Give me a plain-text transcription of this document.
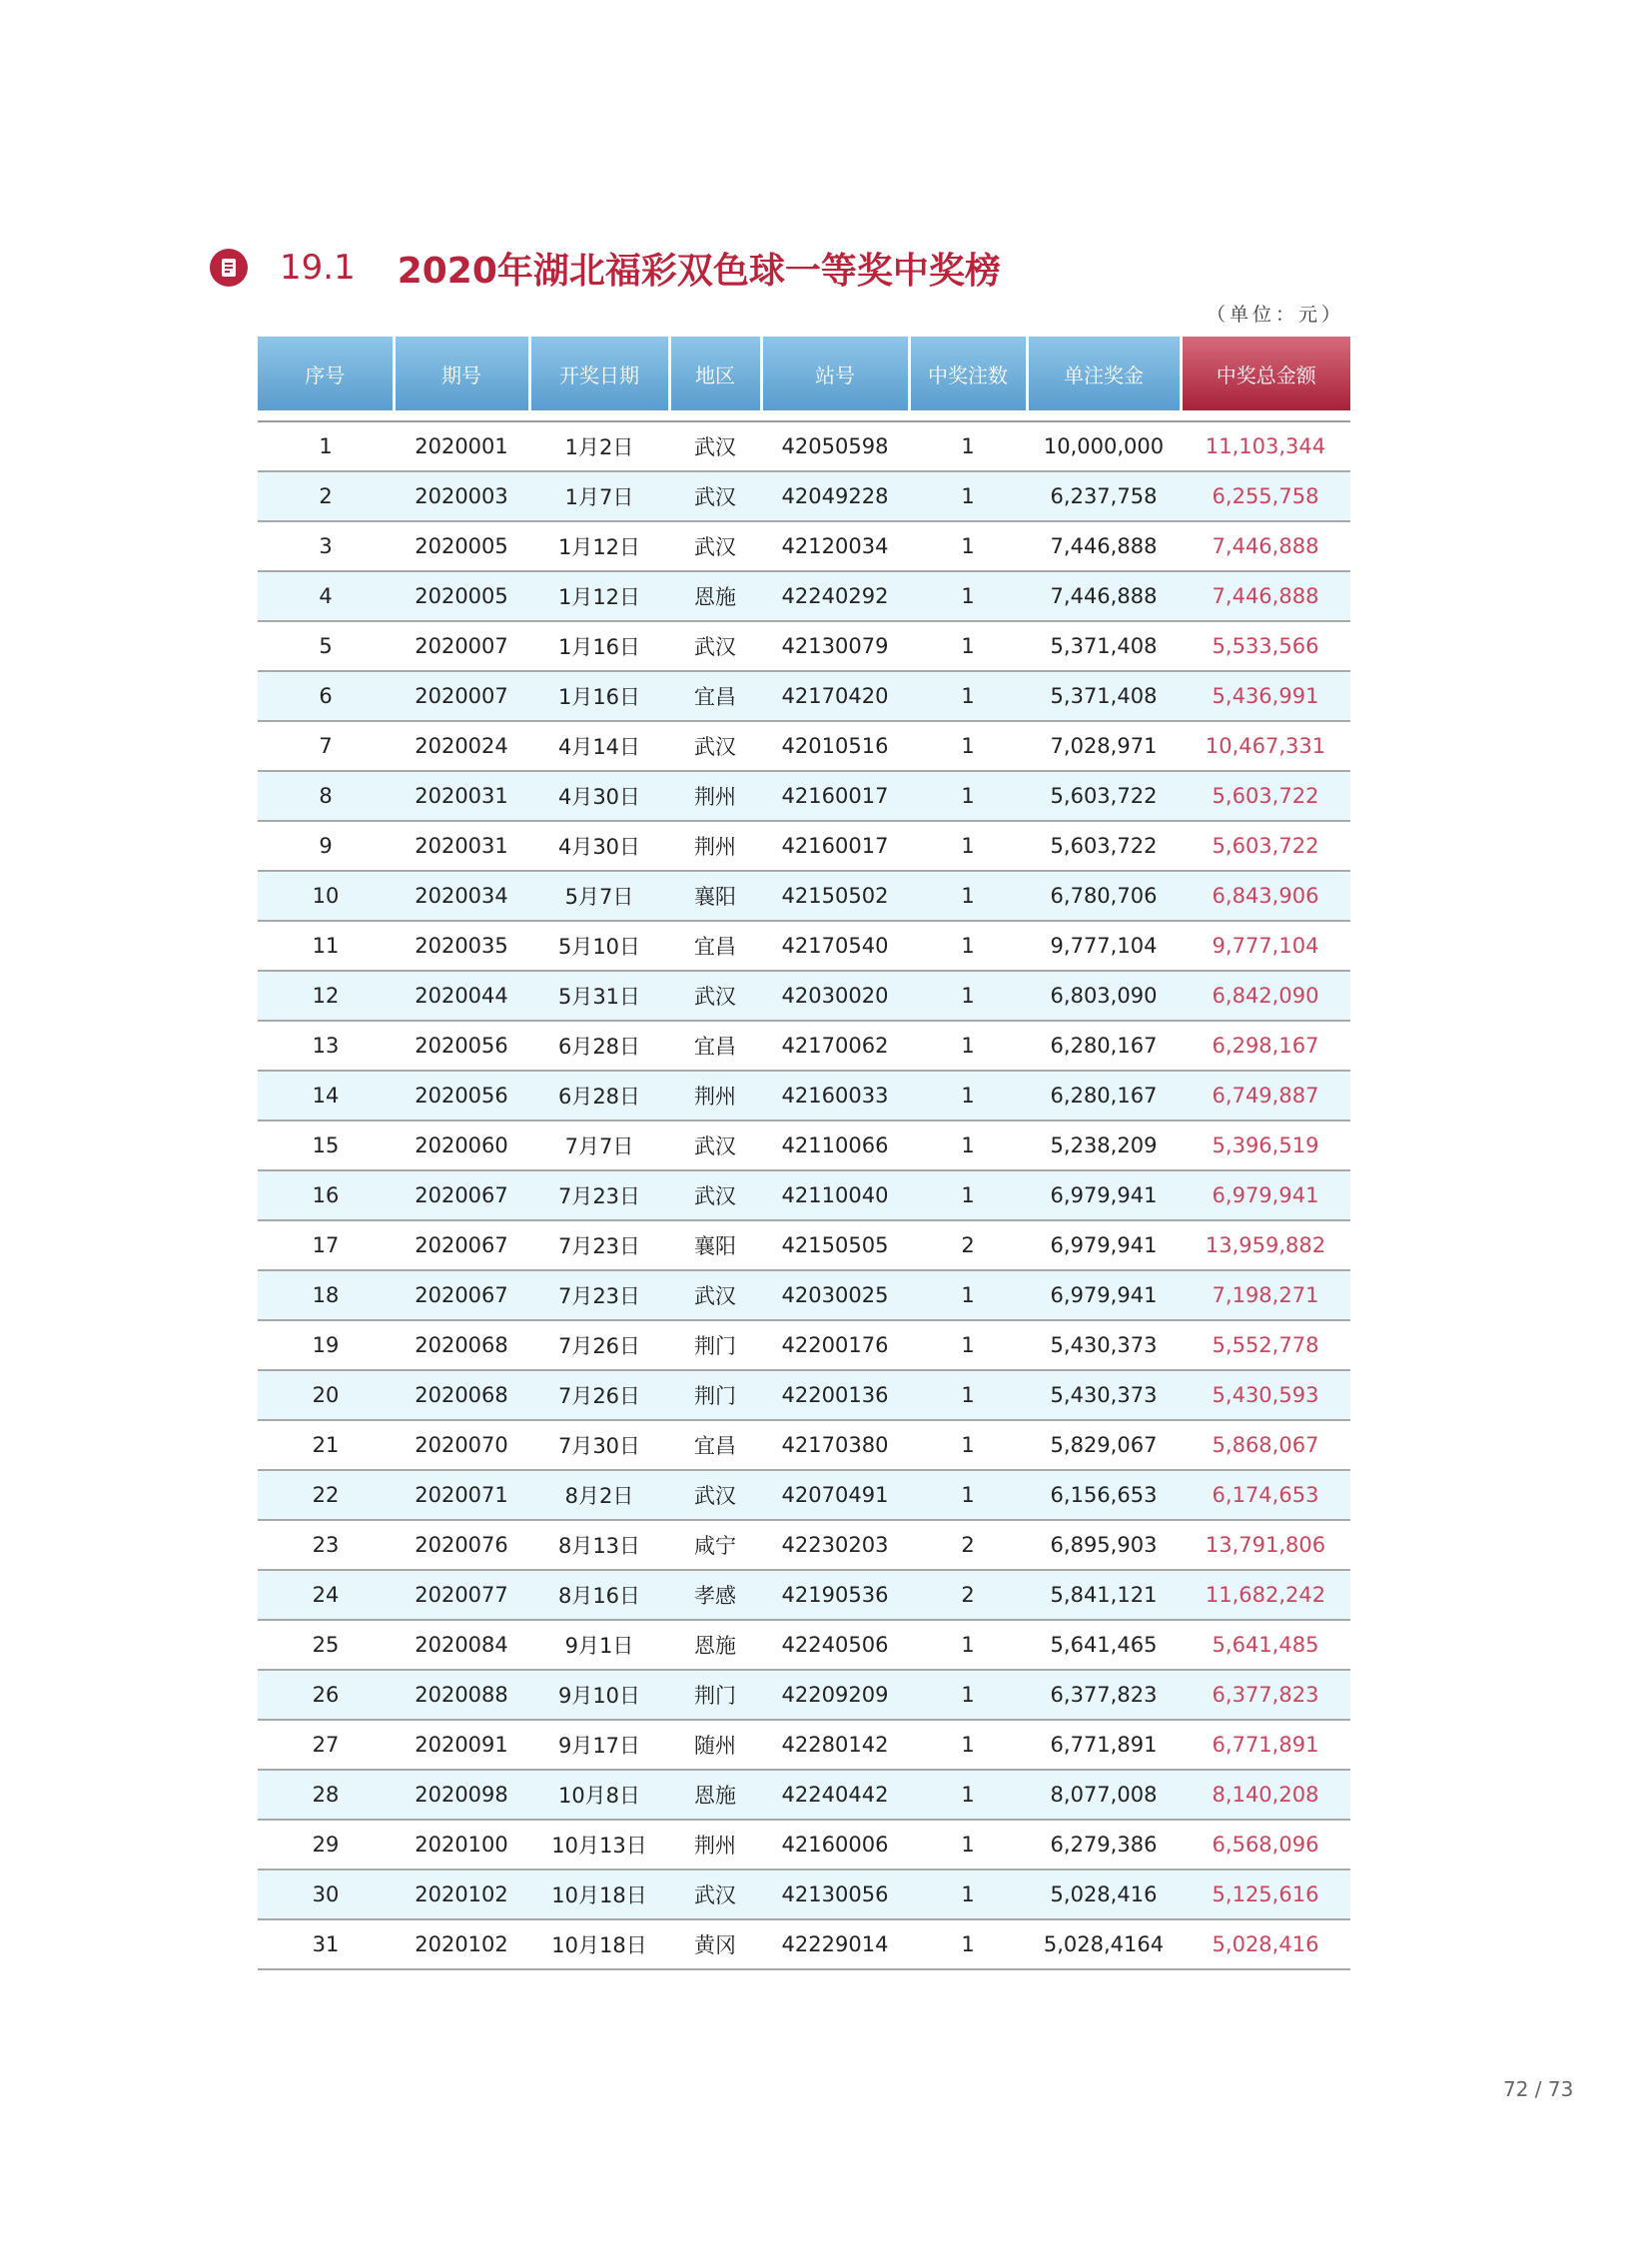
19.1 2020年湖北福彩双色球一等奖中奖榜
（单位：元）
序号	期号	开奖日期	地区	站号	中奖注数	单注奖金	中奖总金额

1	2020001	1月2日	武汉	42050598	1	10,000,000	11,103,344
2	2020003	1月7日	武汉	42049228	1	6,237,758	6,255,758
3	2020005	1月12日	武汉	42120034	1	7,446,888	7,446,888
4	2020005	1月12日	恩施	42240292	1	7,446,888	7,446,888
5	2020007	1月16日	武汉	42130079	1	5,371,408	5,533,566
6	2020007	1月16日	宜昌	42170420	1	5,371,408	5,436,991
7	2020024	4月14日	武汉	42010516	1	7,028,971	10,467,331
8	2020031	4月30日	荆州	42160017	1	5,603,722	5,603,722
9	2020031	4月30日	荆州	42160017	1	5,603,722	5,603,722
10	2020034	5月7日	襄阳	42150502	1	6,780,706	6,843,906
11	2020035	5月10日	宜昌	42170540	1	9,777,104	9,777,104
12	2020044	5月31日	武汉	42030020	1	6,803,090	6,842,090
13	2020056	6月28日	宜昌	42170062	1	6,280,167	6,298,167
14	2020056	6月28日	荆州	42160033	1	6,280,167	6,749,887
15	2020060	7月7日	武汉	42110066	1	5,238,209	5,396,519
16	2020067	7月23日	武汉	42110040	1	6,979,941	6,979,941
17	2020067	7月23日	襄阳	42150505	2	6,979,941	13,959,882
18	2020067	7月23日	武汉	42030025	1	6,979,941	7,198,271
19	2020068	7月26日	荆门	42200176	1	5,430,373	5,552,778
20	2020068	7月26日	荆门	42200136	1	5,430,373	5,430,593
21	2020070	7月30日	宜昌	42170380	1	5,829,067	5,868,067
22	2020071	8月2日	武汉	42070491	1	6,156,653	6,174,653
23	2020076	8月13日	咸宁	42230203	2	6,895,903	13,791,806
24	2020077	8月16日	孝感	42190536	2	5,841,121	11,682,242
25	2020084	9月1日	恩施	42240506	1	5,641,465	5,641,485
26	2020088	9月10日	荆门	42209209	1	6,377,823	6,377,823
27	2020091	9月17日	随州	42280142	1	6,771,891	6,771,891
28	2020098	10月8日	恩施	42240442	1	8,077,008	8,140,208
29	2020100	10月13日	荆州	42160006	1	6,279,386	6,568,096
30	2020102	10月18日	武汉	42130056	1	5,028,416	5,125,616
31	2020102	10月18日	黄冈	42229014	1	5,028,4164	5,028,416
72 / 73
